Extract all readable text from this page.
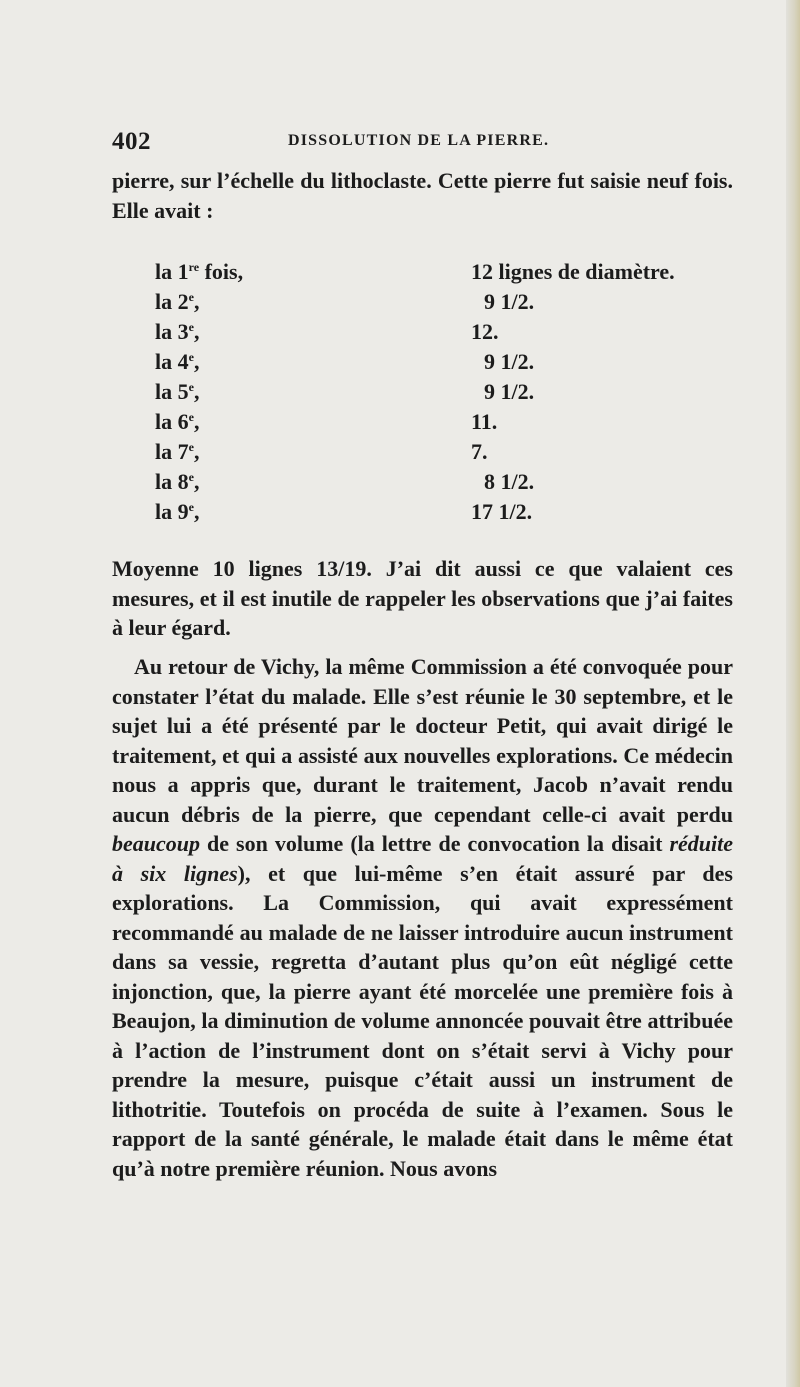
402	DISSOLUTION DE LA PIERRE.

pierre, sur l’échelle du lithoclaste. Cette pierre fut saisie neuf fois. Elle avait :

la 1re fois,	12 lignes de diamètre.
la 2e,	9 1/2.
la 3e,	12.
la 4e,	9 1/2.
la 5e,	9 1/2.
la 6e,	11.
la 7e,	7.
la 8e,	8 1/2.
la 9e,	17 1/2.

Moyenne 10 lignes 13/19. J’ai dit aussi ce que valaient ces mesures, et il est inutile de rappeler les observations que j’ai faites à leur égard.

Au retour de Vichy, la même Commission a été convoquée pour constater l’état du malade. Elle s’est réunie le 30 septembre, et le sujet lui a été présenté par le docteur Petit, qui avait dirigé le traitement, et qui a assisté aux nouvelles explorations. Ce médecin nous a appris que, durant le traitement, Jacob n’avait rendu aucun débris de la pierre, que cependant celle-ci avait perdu beaucoup de son volume (la lettre de convocation la disait réduite à six lignes), et que lui-même s’en était assuré par des explorations. La Commission, qui avait expressément recommandé au malade de ne laisser introduire aucun instrument dans sa vessie, regretta d’autant plus qu’on eût négligé cette injonction, que, la pierre ayant été morcelée une première fois à Beaujon, la diminution de volume annoncée pouvait être attribuée à l’action de l’instrument dont on s’était servi à Vichy pour prendre la mesure, puisque c’était aussi un instrument de lithotritie. Toutefois on procéda de suite à l’examen. Sous le rapport de la santé générale, le malade était dans le même état qu’à notre première réunion. Nous avons
